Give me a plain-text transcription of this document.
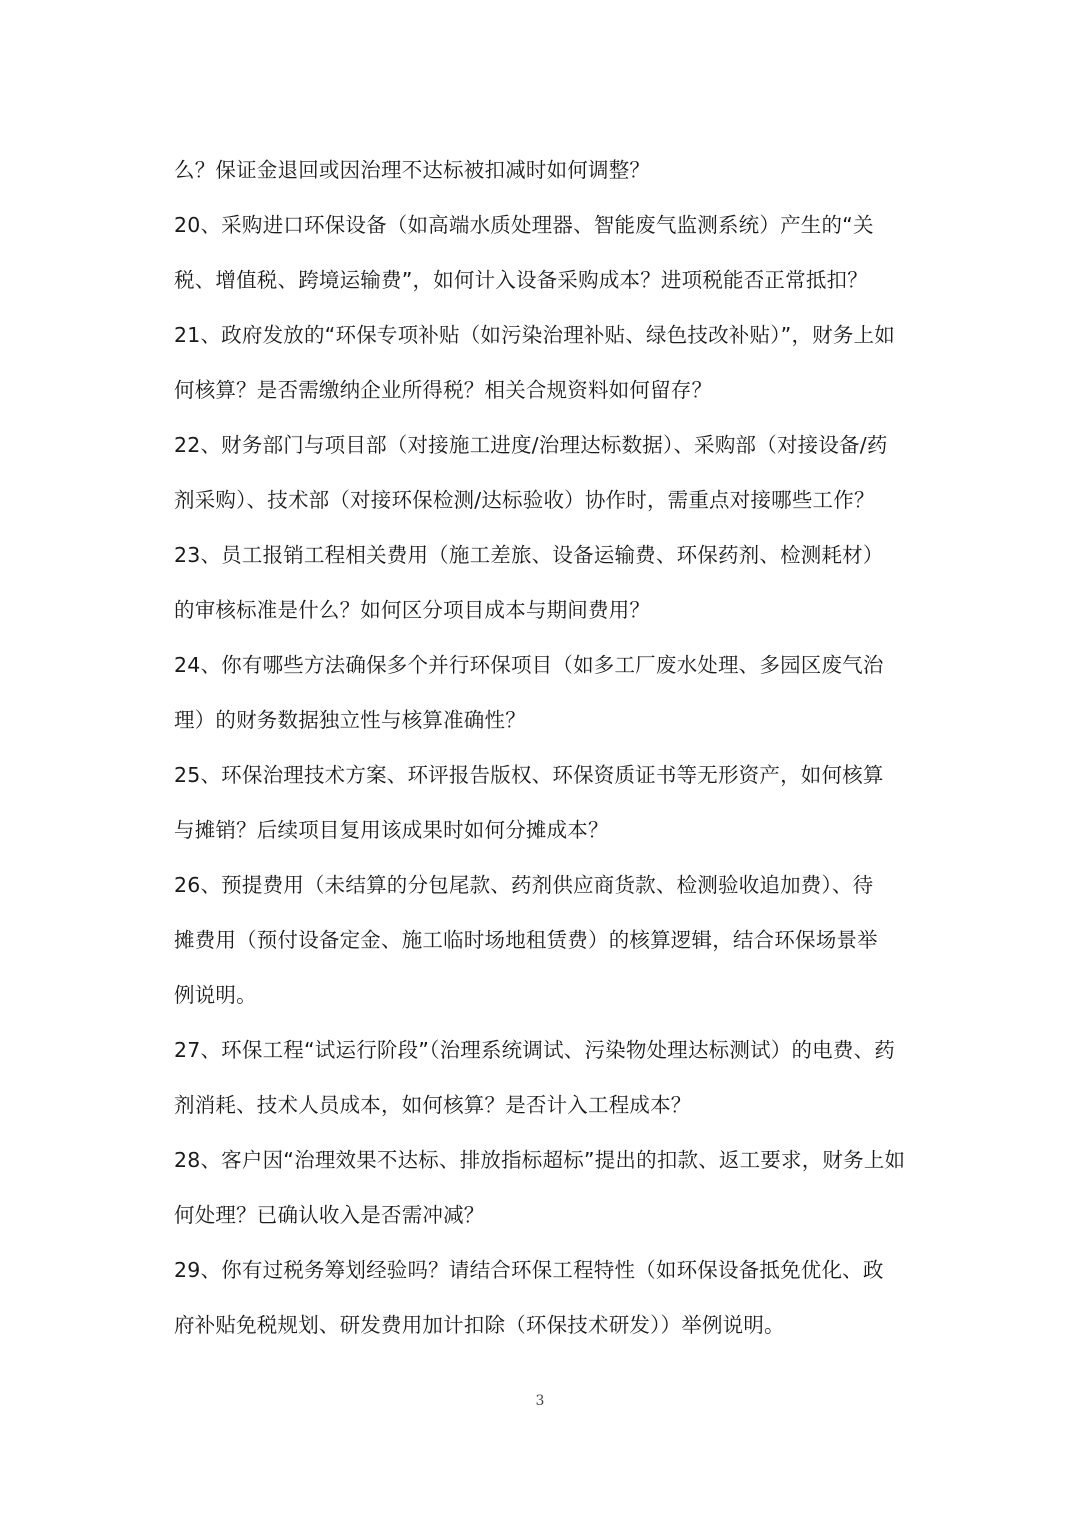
么？保证金退回或因治理不达标被扣减时如何调整？
20、采购进口环保设备（如高端水质处理器、智能废气监测系统）产生的“关
税、增值税、跨境运输费”，如何计入设备采购成本？进项税能否正常抵扣？
21、政府发放的“环保专项补贴（如污染治理补贴、绿色技改补贴）”，财务上如
何核算？是否需缴纳企业所得税？相关合规资料如何留存？
22、财务部门与项目部（对接施工进度/治理达标数据）、采购部（对接设备/药
剂采购）、技术部（对接环保检测/达标验收）协作时，需重点对接哪些工作？
23、员工报销工程相关费用（施工差旅、设备运输费、环保药剂、检测耗材）
的审核标准是什么？如何区分项目成本与期间费用？
24、你有哪些方法确保多个并行环保项目（如多工厂废水处理、多园区废气治
理）的财务数据独立性与核算准确性？
25、环保治理技术方案、环评报告版权、环保资质证书等无形资产，如何核算
与摊销？后续项目复用该成果时如何分摊成本？
26、预提费用（未结算的分包尾款、药剂供应商货款、检测验收追加费）、待
摊费用（预付设备定金、施工临时场地租赁费）的核算逻辑，结合环保场景举
例说明。
27、环保工程“试运行阶段”（治理系统调试、污染物处理达标测试）的电费、药
剂消耗、技术人员成本，如何核算？是否计入工程成本？
28、客户因“治理效果不达标、排放指标超标”提出的扣款、返工要求，财务上如
何处理？已确认收入是否需冲减？
29、你有过税务筹划经验吗？请结合环保工程特性（如环保设备抵免优化、政
府补贴免税规划、研发费用加计扣除（环保技术研发））举例说明。
3
